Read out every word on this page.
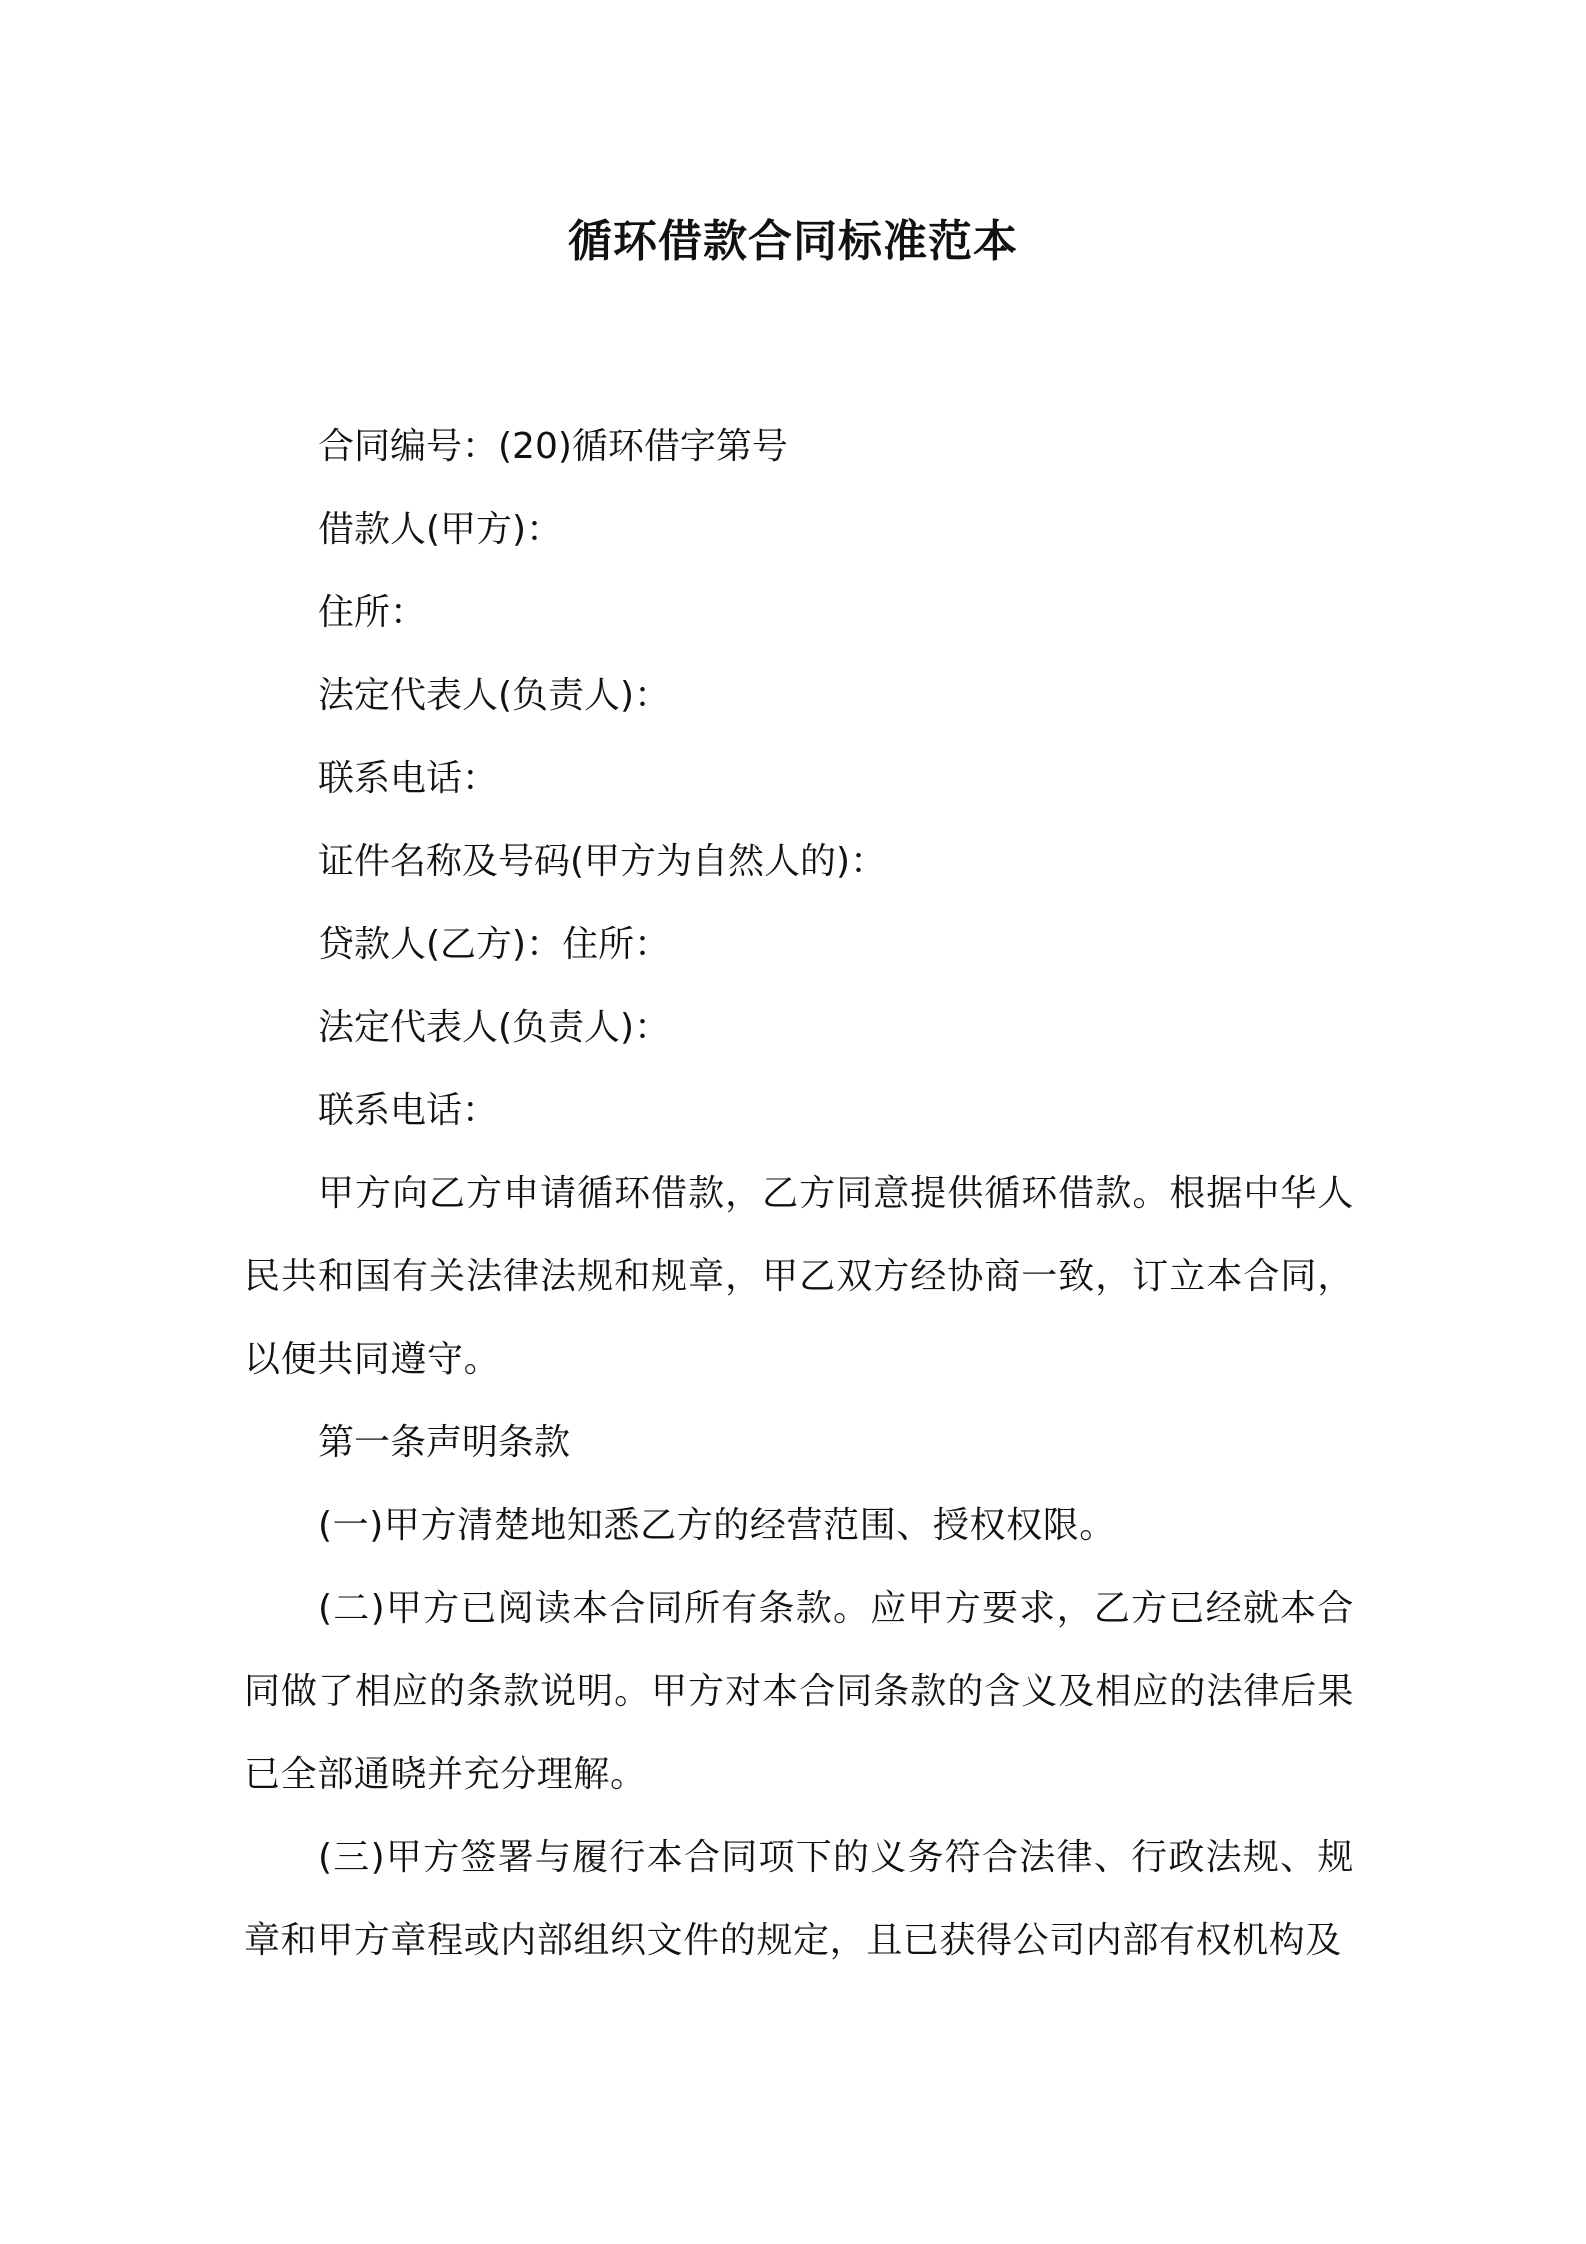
循环借款合同标准范本

合同编号：(20)循环借字第号

借款人(甲方)：

住所：

法定代表人(负责人)：

联系电话：

证件名称及号码(甲方为自然人的)：

贷款人(乙方)：住所：

法定代表人(负责人)：

联系电话：

甲方向乙方申请循环借款，乙方同意提供循环借款。根据中华人民共和国有关法律法规和规章，甲乙双方经协商一致，订立本合同，以便共同遵守。

第一条声明条款

(一)甲方清楚地知悉乙方的经营范围、授权权限。

(二)甲方已阅读本合同所有条款。应甲方要求，乙方已经就本合同做了相应的条款说明。甲方对本合同条款的含义及相应的法律后果已全部通晓并充分理解。

(三)甲方签署与履行本合同项下的义务符合法律、行政法规、规章和甲方章程或内部组织文件的规定，且已获得公司内部有权机构及
